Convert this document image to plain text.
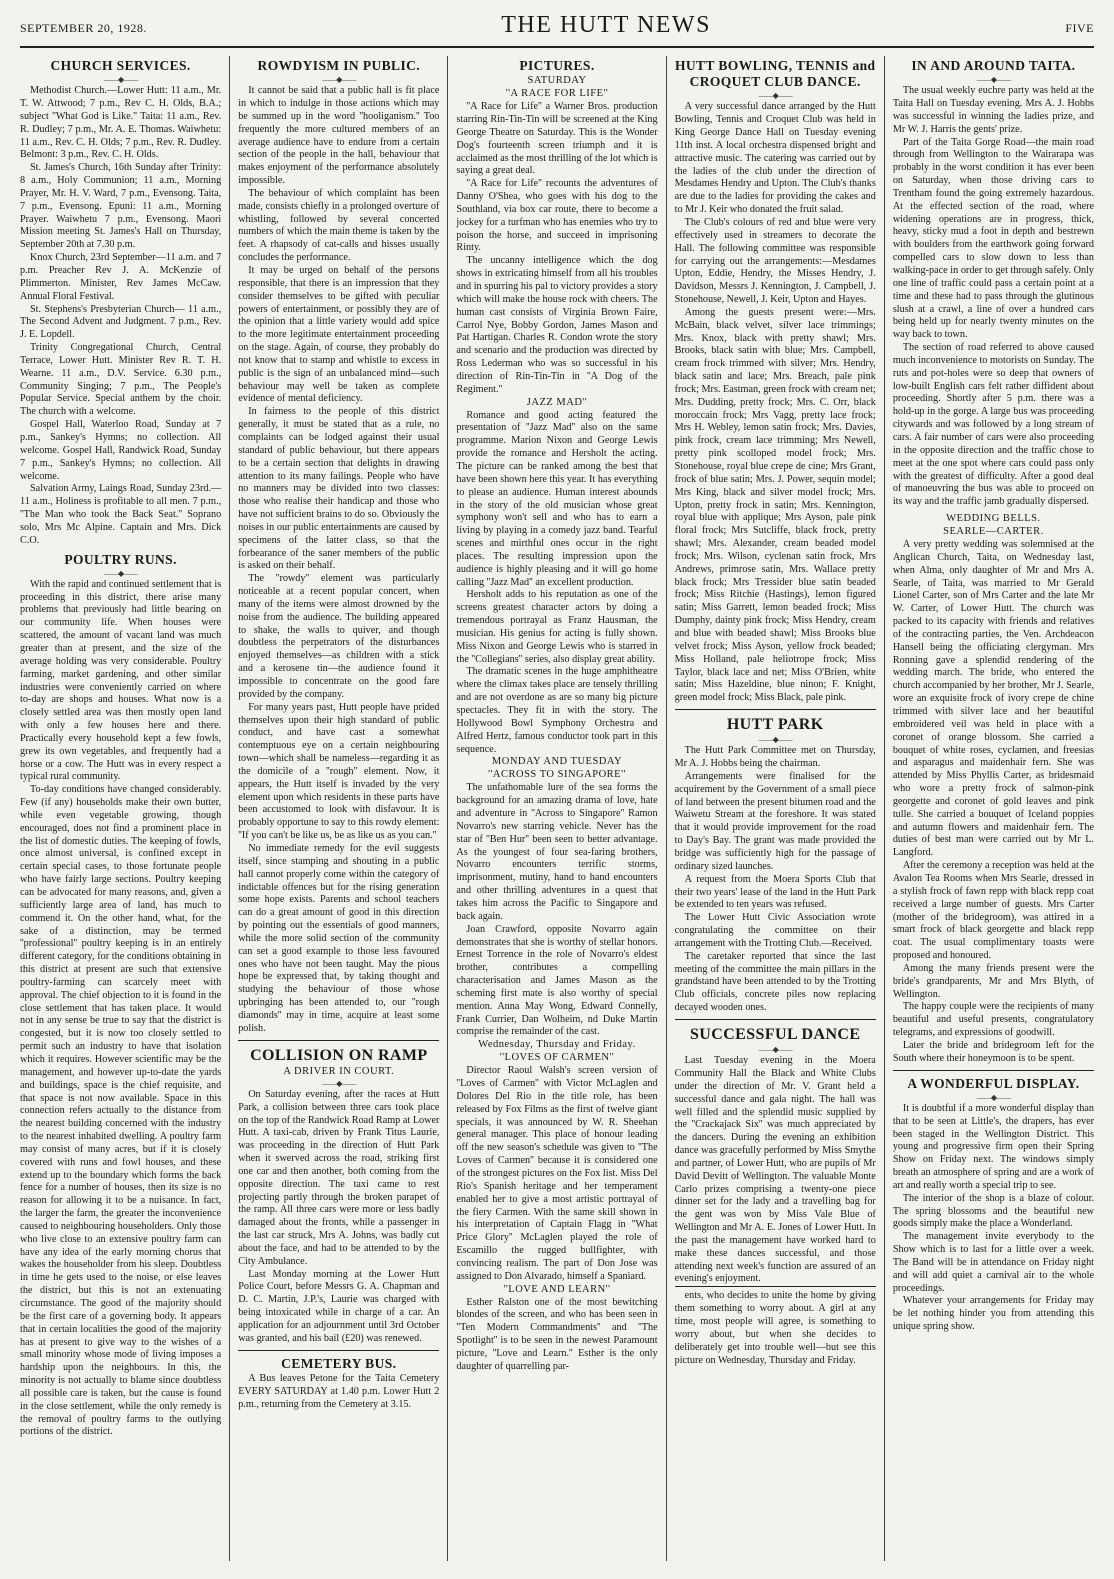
SEPTEMBER 20, 1928.	THE HUTT NEWS	FIVE
CHURCH SERVICES.
——◆——

Methodist Church.—Lower Hutt: 11 a.m., Mr. T. W. Attwood; 7 p.m., Rev C. H. Olds, B.A.; subject ''What God is Like.'' Taita: 11 a.m., Rev. R. Dudley; 7 p.m., Mr. A. E. Thomas. Waiwhetu: 11 a.m., Rev. C. H. Olds; 7 p.m., Rev. R. Dudley. Belmont: 3 p.m., Rev. C. H. Olds.

St. James's Church, 16th Sunday after Trinity: 8 a.m., Holy Communion; 11 a.m., Morning Prayer, Mr. H. V. Ward, 7 p.m., Evensong. Taita, 7 p.m., Evensong. Epuni: 11 a.m., Morning Prayer. Waiwhetu 7 p.m., Evensong. Maori Mission meeting St. James's Hall on Thursday, September 20th at 7.30 p.m.

Knox Church, 23rd September—11 a.m. and 7 p.m. Preacher Rev J. A. McKenzie of Plimmerton. Minister, Rev James McCaw. Annual Floral Festival.

St. Stephens's Presbyterian Church— 11 a.m., The Second Advent and Judgment. 7 p.m., Rev. J. E. Lopdell.

Trinity Congregational Church, Central Terrace, Lower Hutt. Minister Rev R. T. H. Wearne. 11 a.m., D.V. Service. 6.30 p.m., Community Singing; 7 p.m., The People's Popular Service. Special anthem by the choir. The church with a welcome.

Gospel Hall, Waterloo Road, Sunday at 7 p.m., Sankey's Hymns; no collection. All welcome. Gospel Hall, Randwick Road, Sunday 7 p.m., Sankey's Hymns; no collection. All welcome.

Salvation Army, Laings Road, Sunday 23rd.—11 a.m., Holiness is profitable to all men. 7 p.m., ''The Man who took the Back Seat.'' Soprano solo, Mrs Mc Alpine. Captain and Mrs. Dick C.O.

POULTRY RUNS.
——◆——

With the rapid and continued settlement that is proceeding in this district, there arise many problems that previously had little bearing on our community life. When houses were scattered, the amount of vacant land was much greater than at present, and the size of the average holding was very considerable. Poultry farming, market gardening, and other similar industries were conveniently carried on where to-day are shops and houses. What now is a closely settled area was then mostly open land with only a few houses here and there. Practically every household kept a few fowls, grew its own vegetables, and frequently had a horse or a cow. The Hutt was in every respect a typical rural community.

To-day conditions have changed considerably. Few (if any) households make their own butter, while even vegetable growing, though encouraged, does not find a prominent place in the list of domestic duties. The keeping of fowls, once almost universal, is confined except in certain special cases, to those fortunate people who have fairly large sections. Poultry keeping can be advocated for many reasons, and, given a sufficiently large area of land, has much to commend it. On the other hand, what, for the sake of a distinction, may be termed ''professional'' poultry keeping is in an entirely different category, for the conditions obtaining in this district at present are such that extensive poultry-farming can scarcely meet with approval. The chief objection to it is found in the close settlement that has taken place. It would not in any sense be true to say that the district is congested, but it is now too closely settled to permit such an industry to have that isolation which it requires. However scientific may be the management, and however up-to-date the yards and buildings, space is the chief requisite, and that space is not now available. Space in this connection refers actually to the distance from the nearest building concerned with the industry to the nearest inhabited dwelling. A poultry farm may consist of many acres, but if it is closely covered with runs and fowl houses, and these extend up to the boundary which forms the back fence for a number of houses, then its size is no reason for allowing it to be a nuisance. In fact, the larger the farm, the greater the inconvenience caused to neighbouring householders. Only those who live close to an extensive poultry farm can have any idea of the early morning chorus that wakes the householder from his sleep. Doubtless in time he gets used to the noise, or else leaves the district, but this is not an extenuating circumstance. The good of the majority should be the first care of a governing body. It appears that in certain localities the good of the majority has at present to give way to the wishes of a small minority whose mode of living imposes a hardship upon the neighbours. In this, the minority is not actually to blame since doubtless all possible care is taken, but the cause is found in the close settlement, while the only remedy is the removal of poultry farms to the outlying portions of the district.

ROWDYISM IN PUBLIC.
——◆——

It cannot be said that a public hall is fit place in which to indulge in those actions which may be summed up in the word ''hooliganism.'' Too frequently the more cultured members of an average audience have to endure from a certain section of the people in the hall, behaviour that makes enjoyment of the performance absolutely impossible.

The behaviour of which complaint has been made, consists chiefly in a prolonged overture of whistling, followed by several concerted numbers of which the main theme is taken by the feet. A rhapsody of cat-calls and hisses usually concludes the performance.

It may be urged on behalf of the persons responsible, that there is an impression that they consider themselves to be gifted with peculiar powers of entertainment, or possibly they are of the opinion that a little variety would add spice to the more legitimate entertainment proceeding on the stage. Again, of course, they probably do not know that to stamp and whistle to excess in public is the sign of an unbalanced mind—such behaviour may well be taken as complete evidence of mental deficiency.

In fairness to the people of this district generally, it must be stated that as a rule, no complaints can be lodged against their usual standard of public behaviour, but there appears to be a certain section that delights in drawing attention to its many failings. People who have no manners may be divided into two classes: those who realise their handicap and those who have not sufficient brains to do so. Obviously the noises in our public entertainments are caused by specimens of the latter class, so that the forbearance of the saner members of the public is asked on their behalf.

The ''rowdy'' element was particularly noticeable at a recent popular concert, when many of the items were almost drowned by the noise from the audience. The building appeared to shake, the walls to quiver, and though doubtless the perpetrators of the disturbances enjoyed themselves—as children with a stick and a kerosene tin—the audience found it impossible to concentrate on the good fare provided by the company.

For many years past, Hutt people have prided themselves upon their high standard of public conduct, and have cast a somewhat contemptuous eye on a certain neighbouring town—which shall be nameless—regarding it as the domicile of a ''rough'' element. Now, it appears, the Hutt itself is invaded by the very element upon which residents in these parts have been accustomed to look with disfavour. It is probably opportune to say to this rowdy element: ''If you can't be like us, be as like us as you can.''

No immediate remedy for the evil suggests itself, since stamping and shouting in a public hall cannot properly come within the category of indictable offences but for the rising generation some hope exists. Parents and school teachers can do a great amount of good in this direction by pointing out the essentials of good manners, while the more solid section of the community can set a good example to those less favoured ones who have not been taught. May the pious hope be expressed that, by taking thought and studying the behaviour of those whose upbringing has been attended to, our ''rough diamonds'' may in time, acquire at least some polish.

COLLISION ON RAMP
A DRIVER IN COURT.
——◆——

On Saturday evening, after the races at Hutt Park, a collision between three cars took place on the top of the Randwick Road Ramp at Lower Hutt. A taxi-cab, driven by Frank Titus Laurie, was proceeding in the direction of Hutt Park when it swerved across the road, striking first one car and then another, both coming from the opposite direction. The taxi came to rest projecting partly through the broken parapet of the ramp. All three cars were more or less badly damaged about the fronts, while a passenger in the last car struck, Mrs A. Johns, was badly cut about the face, and had to be attended to by the City Ambulance.

Last Monday morning at the Lower Hutt Police Court, before Messrs G. A. Chapman and D. C. Martin, J.P.'s, Laurie was charged with being intoxicated while in charge of a car. An application for an adjournment until 3rd October was granted, and his bail (£20) was renewed.

CEMETERY BUS.

A Bus leaves Petone for the Taita Cemetery EVERY SATURDAY at 1.40 p.m. Lower Hutt 2 p.m., returning from the Cemetery at 3.15.

PICTURES.
SATURDAY
''A RACE FOR LIFE''

''A Race for Life'' a Warner Bros. production starring Rin-Tin-Tin will be screened at the King George Theatre on Saturday. This is the Wonder Dog's fourteenth screen triumph and it is acclaimed as the most thrilling of the lot which is saying a great deal.

''A Race for Life'' recounts the adventures of Danny O'Shea, who goes with his dog to the Southland, via box car route, there to become a jockey for a turfman who has enemies who try to poison the horse, and succeed in imprisoning Rinty.

The uncanny intelligence which the dog shows in extricating himself from all his troubles and in spurring his pal to victory provides a story which will make the house rock with cheers. The human cast consists of Virginia Brown Faire, Carrol Nye, Bobby Gordon, James Mason and Pat Hartigan. Charles R. Condon wrote the story and scenario and the production was directed by Ross Lederman who was so successful in his direction of Rin-Tin-Tin in ''A Dog of the Regiment.''

JAZZ MAD''

Romance and good acting featured the presentation of ''Jazz Mad'' also on the same programme. Marion Nixon and George Lewis provide the romance and Hersholt the acting. The picture can be ranked among the best that have been shown here this year. It has everything to please an audience. Human interest abounds in the story of the old musician whose great symphony won't sell and who has to earn a living by playing in a comedy jazz band. Tearful scenes and mirthful ones occur in the right places. The resulting impression upon the audience is highly pleasing and it will go home calling ''Jazz Mad'' an excellent production.

Hersholt adds to his reputation as one of the screens greatest character actors by doing a tremendous portrayal as Franz Hausman, the musician. His genius for acting is fully shown. Miss Nixon and George Lewis who is starred in the ''Collegians'' series, also display great ability.

The dramatic scenes in the huge amphitheatre where the climax takes place are tensely thrilling and are not overdone as are so many big picture spectacles. They fit in with the story. The Hollywood Bowl Symphony Orchestra and Alfred Hertz, famous conductor took part in this sequence.

MONDAY AND TUESDAY
''ACROSS TO SINGAPORE''

The unfathomable lure of the sea forms the background for an amazing drama of love, hate and adventure in ''Across to Singapore'' Ramon Novarro's new starring vehicle. Never has the star of ''Ben Hur'' been seen to better advantage. As the youngest of four sea-faring brothers, Novarro encounters terrific storms, imprisonment, mutiny, hand to hand encounters and other thrilling adventures in a quest that takes him across the Pacific to Singapore and back again.

Joan Crawford, opposite Novarro again demonstrates that she is worthy of stellar honors. Ernest Torrence in the role of Novarro's eldest brother, contributes a compelling characterisation and James Mason as the scheming first mate is also worthy of special mention. Anna May Wong, Edward Connelly, Frank Currier, Dan Wolheim, nd Duke Martin comprise the remainder of the cast.

Wednesday, Thursday and Friday.
''LOVES OF CARMEN''

Director Raoul Walsh's screen version of ''Loves of Carmen'' with Victor McLaglen and Dolores Del Rio in the title role, has been released by Fox Films as the first of twelve giant specials, it was announced by W. R. Sheehan general manager. This place of honour leading off the new season's schedule was given to ''The Loves of Carmen'' because it is considered one of the strongest pictures on the Fox list. Miss Del Rio's Spanish heritage and her temperament enabled her to give a most artistic portrayal of the fiery Carmen. With the same skill shown in his interpretation of Captain Flagg in ''What Price Glory'' McLaglen played the role of Escamillo the rugged bullfighter, with convincing realism. The part of Don Jose was assigned to Don Alvarado, himself a Spaniard.

''LOVE AND LEARN''

Esther Ralston one of the most bewitching blondes of the screen, and who has been seen in ''Ten Modern Commandments'' and ''The Spotlight'' is to be seen in the newest Paramount picture, ''Love and Learn.'' Esther is the only daughter of quarrelling par-

HUTT BOWLING, TENNIS and CROQUET CLUB DANCE.
——◆——

A very successful dance arranged by the Hutt Bowling, Tennis and Croquet Club was held in King George Dance Hall on Tuesday evening 11th inst. A local orchestra dispensed bright and attractive music. The catering was carried out by the ladies of the club under the direction of Mesdames Hendry and Upton. The Club's thanks are due to the ladies for providing the cakes and to Mr J. Keir who donated the fruit salad.

The Club's colours of red and blue were very effectively used in streamers to decorate the Hall. The following committee was responsible for carrying out the arrangements:—Mesdames Upton, Eddie, Hendry, the Misses Hendry, J. Davidson, Messrs J. Kennington, J. Campbell, J. Stonehouse, Newell, J. Keir, Upton and Hayes.

Among the guests present were:—Mrs. McBain, black velvet, silver lace trimmings; Mrs. Knox, black with pretty shawl; Mrs. Brooks, black satin with blue; Mrs. Campbell, cream frock trimmed with silver; Mrs. Hendry, black satin and lace; Mrs. Breach, pale pink frock; Mrs. Eastman, green frock with cream net; Mrs. Dudding, pretty frock; Mrs. C. Orr, black moroccain frock; Mrs Vagg, pretty lace frock; Mrs H. Webley, lemon satin frock; Mrs. Davies, pink frock, cream lace trimming; Mrs Newell, pretty pink scolloped model frock; Mrs. Stonehouse, royal blue crepe de cine; Mrs Grant, frock of blue satin; Mrs. J. Power, sequin model; Mrs King, black and silver model frock; Mrs. Upton, pretty frock in satin; Mrs. Kennington, royal blue with applique; Mrs Ayson, pale pink floral frock; Mrs Sutcliffe, black frock, pretty shawl; Mrs. Alexander, cream beaded model frock; Mrs. Wilson, cyclenan satin frock, Mrs Andrews, primrose satin, Mrs. Wallace pretty black frock; Mrs Tressider blue satin beaded frock; Miss Ritchie (Hastings), lemon figured satin; Miss Garrett, lemon beaded frock; Miss Dumphy, dainty pink frock; Miss Hendry, cream and blue with beaded shawl; Miss Brooks blue velvet frock; Miss Ayson, yellow frock beaded; Miss Holland, pale heliotrope frock; Miss Taylor, black lace and net; Miss O'Brien, white satin; Miss Hazeldine, blue ninon; F. Knight, green model frock; Miss Black, pale pink.

HUTT PARK
——◆——

The Hutt Park Committee met on Thursday, Mr A. J. Hobbs being the chairman.

Arrangements were finalised for the acquirement by the Government of a small piece of land between the present bitumen road and the Waiwetu Stream at the foreshore. It was stated that it would provide improvement for the road to Day's Bay. The grant was made provided the bridge was sufficiently high for the passage of ordinary sized launches.

A request from the Moera Sports Club that their two years' lease of the land in the Hutt Park be extended to ten years was refused.

The Lower Hutt Civic Association wrote congratulating the committee on their arrangement with the Trotting Club.—Received.

The caretaker reported that since the last meeting of the committee the main pillars in the grandstand have been attended to by the Trotting Club officials, concrete piles now replacing decayed wooden ones.

SUCCESSFUL DANCE
——◆——

Last Tuesday evening in the Moera Community Hall the Black and White Clubs under the direction of Mr. V. Grant held a successful dance and gala night. The hall was well filled and the splendid music supplied by the ''Crackajack Six'' was much appreciated by the dancers. During the evening an exhibition dance was gracefully performed by Miss Smythe and partner, of Lower Hutt, who are pupils of Mr David Devitt of Wellington. The valuable Monte Carlo prizes comprising a twenty-one piece dinner set for the lady and a travelling bag for the gent was won by Miss Vale Blue of Wellington and Mr A. E. Jones of Lower Hutt. In the past the management have worked hard to make these dances successful, and those attending next week's function are assured of an evening's enjoyment.

ents, who decides to unite the home by giving them something to worry about. A girl at any time, most people will agree, is something to worry about, but when she decides to deliberately get into trouble well—but see this picture on Wednesday, Thursday and Friday.

IN AND AROUND TAITA.
——◆——

The usual weekly euchre party was held at the Taita Hall on Tuesday evening. Mrs A. J. Hobbs was successful in winning the ladies prize, and Mr W. J. Harris the gents' prize.

Part of the Taita Gorge Road—the main road through from Wellington to the Wairarapa was probably in the worst condition it has ever been on Saturday, when those driving cars to Trentham found the going extremely hazardous. At the effected section of the road, where widening operations are in progress, thick, heavy, sticky mud a foot in depth and bestrewn with boulders from the earthwork going forward compelled cars to slow down to less than walking-pace in order to get through safely. Only one line of traffic could pass a certain point at a time and these had to pass through the glutinous slush at a crawl, a line of over a hundred cars being held up for nearly twenty minutes on the way back to town.

The section of road referred to above caused much inconvenience to motorists on Sunday. The ruts and pot-holes were so deep that owners of low-built English cars felt rather diffident about proceeding. Shortly after 5 p.m. there was a hold-up in the gorge. A large bus was proceeding citywards and was followed by a long stream of cars. A fair number of cars were also proceeding in the opposite direction and the traffic chose to meet at the one spot where cars could pass only with the greatest of difficulty. After a good deal of manoeuvring the bus was able to proceed on its way and the traffic jamb gradually dispersed.

WEDDING BELLS.
SEARLE—CARTER.

A very pretty wedding was solemnised at the Anglican Church, Taita, on Wednesday last, when Alma, only daughter of Mr and Mrs A. Searle, of Taita, was married to Mr Gerald Lionel Carter, son of Mrs Carter and the late Mr W. Carter, of Lower Hutt. The church was packed to its capacity with friends and relatives of the contracting parties, the Ven. Archdeacon Hansell being the officiating clergyman. Mrs Ronning gave a splendid rendering of the wedding march. The bride, who entered the church accompanied by her brother, Mr J. Searle, wore an exquisite frock of ivory crepe de chine trimmed with silver lace and her beautiful embroidered veil was held in place with a coronet of orange blossom. She carried a bouquet of white roses, cyclamen, and freesias and asparagus and maidenhair fern. She was attended by Miss Phyllis Carter, as bridesmaid who wore a pretty frock of salmon-pink georgette and coronet of gold leaves and pink tulle. She carried a bouquet of Iceland poppies and autumn flowers and maidenhair fern. The duties of best man were carried out by Mr L. Langford.

After the ceremony a reception was held at the Avalon Tea Rooms when Mrs Searle, dressed in a stylish frock of fawn repp with black repp coat received a large number of guests. Mrs Carter (mother of the bridegroom), was attired in a smart frock of black georgette and black repp coat. The usual complimentary toasts were proposed and honoured.

Among the many friends present were the bride's grandparents, Mr and Mrs Blyth, of Wellington.

The happy couple were the recipients of many beautiful and useful presents, congratulatory telegrams, and expressions of goodwill.

Later the bride and bridegroom left for the South where their honeymoon is to be spent.

A WONDERFUL DISPLAY.
——◆——

It is doubtful if a more wonderful display than that to be seen at Little's, the drapers, has ever been staged in the Wellington District. This young and progressive firm open their Spring Show on Friday next. The windows simply breath an atmosphere of spring and are a work of art and really worth a special trip to see.

The interior of the shop is a blaze of colour. The spring blossoms and the beautiful new goods simply make the place a Wonderland.

The management invite everybody to the Show which is to last for a little over a week. The Band will be in attendance on Friday night and will add quiet a carnival air to the whole proceedings.

Whatever your arrangements for Friday may be let nothing hinder you from attending this unique spring show.
